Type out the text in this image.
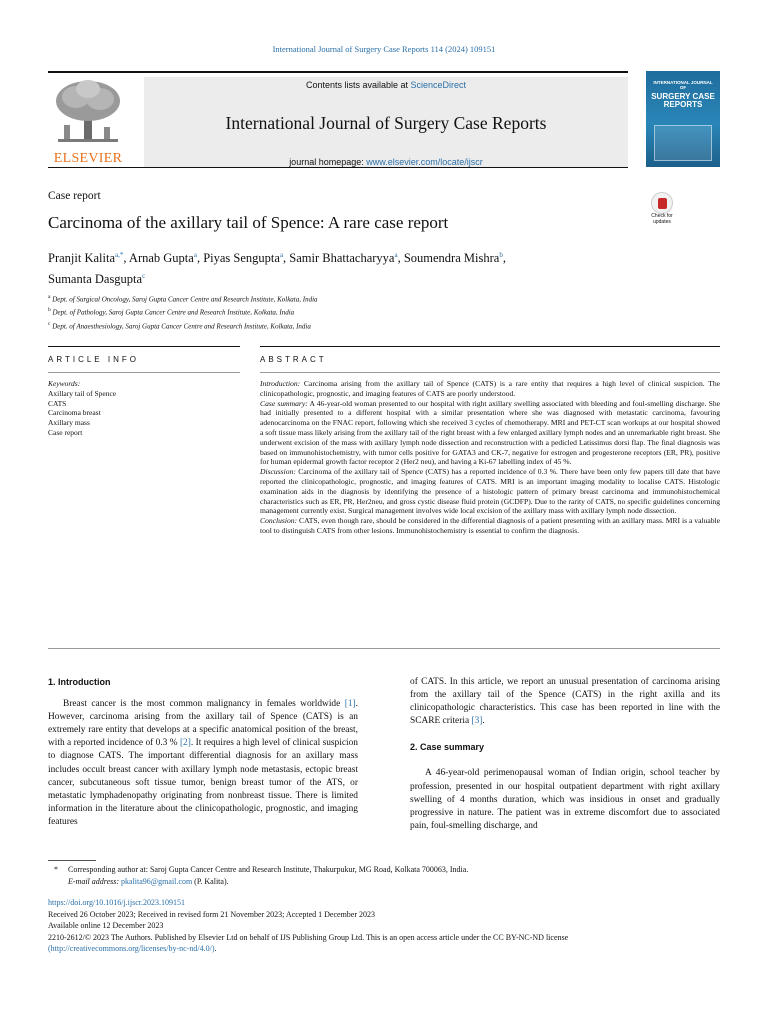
International Journal of Surgery Case Reports 114 (2024) 109151
ELSEVIER
Contents lists available at ScienceDirect
International Journal of Surgery Case Reports
journal homepage: www.elsevier.com/locate/ijscr
INTERNATIONAL JOURNAL OF
SURGERY CASE REPORTS
Case report
Carcinoma of the axillary tail of Spence: A rare case report	Check for updates
Pranjit Kalita$^{a,*}$, Arnab Gupta$^a$, Piyas Sengupta$^a$, Samir Bhattacharyya$^a$, Soumendra Mishra$^b$,
Sumanta Dasgupta$^c$
$^a$ Dept. of Surgical Oncology, Saroj Gupta Cancer Centre and Research Institute, Kolkata, India
$^b$ Dept. of Pathology, Saroj Gupta Cancer Centre and Research Institute, Kolkata, India
$^c$ Dept. of Anaesthesiology, Saroj Gupta Cancer Centre and Research Institute, Kolkata, India
ARTICLE INFO	ABSTRACT
Keywords:
Axillary tail of Spence
CATS
Carcinoma breast
Axillary mass
Case report

Introduction: Carcinoma arising from the axillary tail of Spence (CATS) is a rare entity that requires a high level of clinical suspicion. The clinicopathologic, prognostic, and imaging features of CATS are poorly understood.

Case summary: A 46-year-old woman presented to our hospital with right axillary swelling associated with bleeding and foul-smelling discharge. She had initially presented to a different hospital with a similar presentation where she was diagnosed with metastatic carcinoma, favouring adenocarcinoma on the FNAC report, following which she received 3 cycles of chemotherapy. MRI and PET-CT scan workups at our hospital showed a soft tissue mass likely arising from the axillary tail of the right breast with a few enlarged axillary lymph nodes and an unremarkable right breast. She underwent excision of the mass with axillary lymph node dissection and reconstruction with a pedicled Latissimus dorsi flap. The final diagnosis was based on immunohistochemistry, with tumor cells positive for GATA3 and CK-7, negative for estrogen and progesterone receptors (ER, PR), positive for human epidermal growth factor receptor 2 (Her2 neu), and having a Ki-67 labelling index of 45 %.

Discussion: Carcinoma of the axillary tail of Spence (CATS) has a reported incidence of 0.3 %. There have been only few papers till date that have reported the clinicopathologic, prognostic, and imaging features of CATS. MRI is an important imaging modality to localise CATS. Histologic examination aids in the diagnosis by identifying the presence of a histologic pattern of primary breast carcinoma and immunohistochemical characteristics such as ER, PR, Her2neu, and gross cystic disease fluid protein (GCDFP). Due to the rarity of CATS, no specific guidelines concerning management currently exist. Surgical management involves wide local excision of the axillary mass with axillary lymph node dissection.

Conclusion: CATS, even though rare, should be considered in the differential diagnosis of a patient presenting with an axillary mass. MRI is a valuable tool to distinguish CATS from other lesions. Immunohistochemistry is essential to confirm the diagnosis.

1. Introduction

Breast cancer is the most common malignancy in females worldwide [1]. However, carcinoma arising from the axillary tail of Spence (CATS) is an extremely rare entity that develops at a specific anatomical position of the breast, with a reported incidence of 0.3 % [2]. It requires a high level of clinical suspicion to diagnose CATS. The important differential diagnosis for an axillary mass includes occult breast cancer with axillary lymph node metastasis, ectopic breast cancer, subcutaneous soft tissue tumor, benign breast tumor of the ATS, or metastatic lymphadenopathy originating from nonbreast tissue. There is limited information in the literature about the clinicopathologic, prognostic, and imaging features

of CATS. In this article, we report an unusual presentation of carcinoma arising from the axillary tail of the Spence (CATS) in the right axilla and its clinicopathologic characteristics. This case has been reported in line with the SCARE criteria [3].

2. Case summary

A 46-year-old perimenopausal woman of Indian origin, school teacher by profession, presented in our hospital outpatient department with right axillary swelling of 4 months duration, which was insidious in onset and gradually progressive in nature. The patient was in extreme discomfort due to associated pain, foul-smelling discharge, and

* Corresponding author at: Saroj Gupta Cancer Centre and Research Institute, Thakurpukur, MG Road, Kolkata 700063, India.
E-mail address: pkalita96@gmail.com (P. Kalita).
https://doi.org/10.1016/j.ijscr.2023.109151
Received 26 October 2023; Received in revised form 21 November 2023; Accepted 1 December 2023
Available online 12 December 2023
2210-2612/© 2023 The Authors. Published by Elsevier Ltd on behalf of IJS Publishing Group Ltd. This is an open access article under the CC BY-NC-ND license
(http://creativecommons.org/licenses/by-nc-nd/4.0/).
